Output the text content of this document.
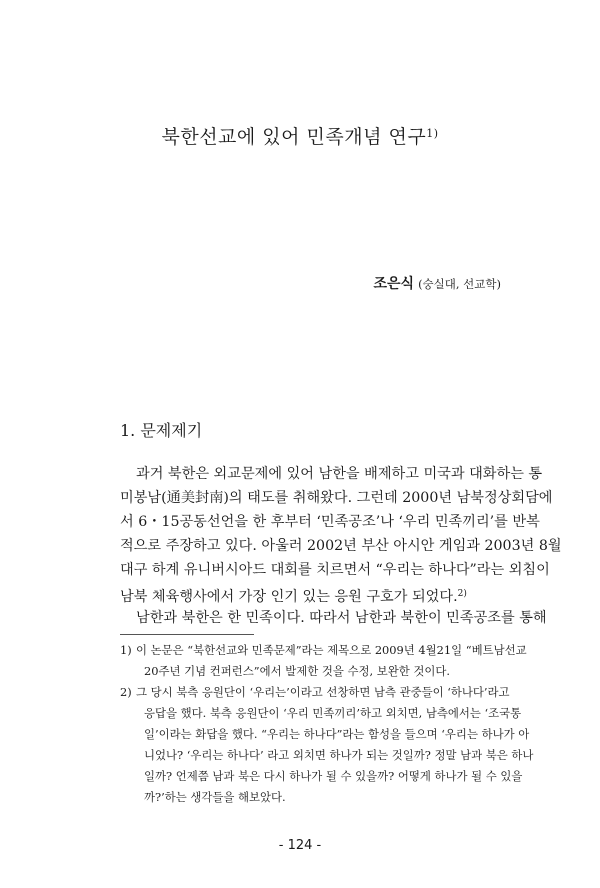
북한선교에 있어 민족개념 연구$^{1)}$
조은식 (숭실대, 선교학)
1. 문제제기
과거 북한은 외교문제에 있어 남한을 배제하고 미국과 대화하는 통
미봉남(通美封南)의 태도를 취해왔다. 그런데 2000년 남북정상회담에
서 6・15공동선언을 한 후부터 ‘민족공조’나 ‘우리 민족끼리’를 반복
적으로 주장하고 있다. 아울러 2002년 부산 아시안 게임과 2003년 8월
대구 하계 유니버시아드 대회를 치르면서 “우리는 하나다”라는 외침이
남북 체육행사에서 가장 인기 있는 응원 구호가 되었다.$^{2)}$
남한과 북한은 한 민족이다. 따라서 남한과 북한이 민족공조를 통해
1) 이 논문은 “북한선교와 민족문제”라는 제목으로 2009년 4월21일 “베트남선교
20주년 기념 컨퍼런스”에서 발제한 것을 수정, 보완한 것이다.
2) 그 당시 북측 응원단이 ‘우리는’이라고 선창하면 남측 관중들이 ‘하나다’라고
응답을 했다. 북측 응원단이 ‘우리 민족끼리’하고 외치면, 남측에서는 ‘조국통
일’이라는 화답을 했다. “우리는 하나다”라는 함성을 들으며 ‘우리는 하나가 아
니었나? ‘우리는 하나다’ 라고 외치면 하나가 되는 것일까? 정말 남과 북은 하나
일까? 언제쯤 남과 북은 다시 하나가 될 수 있을까? 어떻게 하나가 될 수 있을
까?’하는 생각들을 해보았다.
- 124 -
